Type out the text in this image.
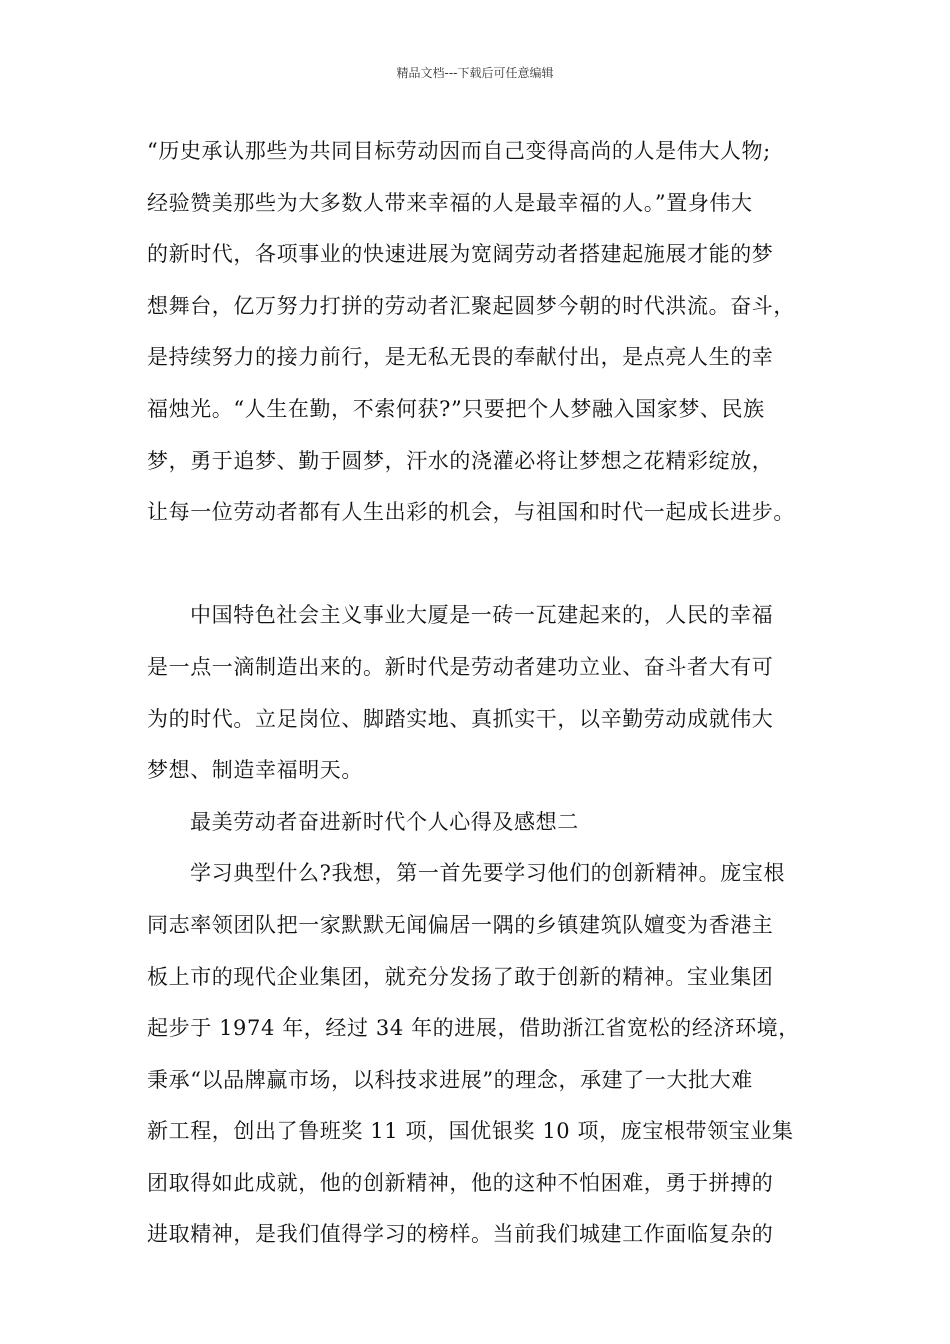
精品文档---下载后可任意编辑
“历史承认那些为共同目标劳动因而自己变得高尚的人是伟大人物;
经验赞美那些为大多数人带来幸福的人是最幸福的人。”置身伟大
的新时代，各项事业的快速进展为宽阔劳动者搭建起施展才能的梦
想舞台，亿万努力打拼的劳动者汇聚起圆梦今朝的时代洪流。奋斗，
是持续努力的接力前行，是无私无畏的奉献付出，是点亮人生的幸
福烛光。“人生在勤，不索何获?”只要把个人梦融入国家梦、民族
梦，勇于追梦、勤于圆梦，汗水的浇灌必将让梦想之花精彩绽放，
让每一位劳动者都有人生出彩的机会，与祖国和时代一起成长进步。
中国特色社会主义事业大厦是一砖一瓦建起来的，人民的幸福
是一点一滴制造出来的。新时代是劳动者建功立业、奋斗者大有可
为的时代。立足岗位、脚踏实地、真抓实干，以辛勤劳动成就伟大
梦想、制造幸福明天。
最美劳动者奋进新时代个人心得及感想二
学习典型什么?我想，第一首先要学习他们的创新精神。庞宝根
同志率领团队把一家默默无闻偏居一隅的乡镇建筑队嬗变为香港主
板上市的现代企业集团，就充分发扬了敢于创新的精神。宝业集团
起步于 1974 年，经过 34 年的进展，借助浙江省宽松的经济环境，
秉承“以品牌赢市场，以科技求进展”的理念，承建了一大批大难
新工程，创出了鲁班奖 11 项，国优银奖 10 项，庞宝根带领宝业集
团取得如此成就，他的创新精神，他的这种不怕困难，勇于拼搏的
进取精神，是我们值得学习的榜样。当前我们城建工作面临复杂的
